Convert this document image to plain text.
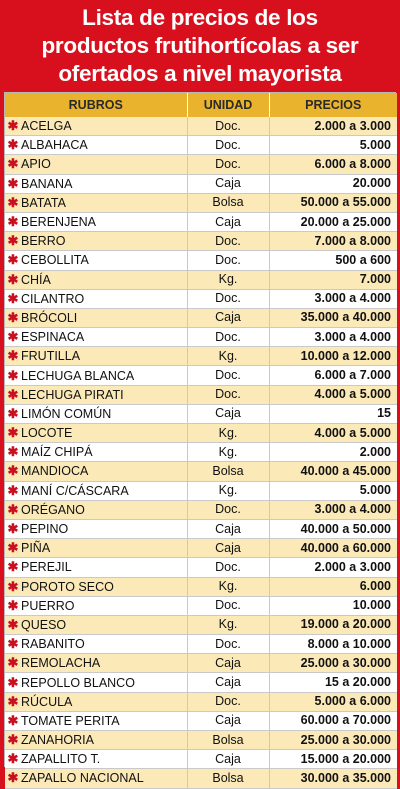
Lista de precios de los
productos frutihortícolas a ser
ofertados a nivel mayorista
RUBROS	UNIDAD	PRECIOS
✱ ACELGA	Doc.	2.000 a 3.000
✱ ALBAHACA	Doc.	5.000
✱ APIO	Doc.	6.000 a 8.000
✱ BANANA	Caja	20.000
✱ BATATA	Bolsa	50.000 a 55.000
✱ BERENJENA	Caja	20.000 a 25.000
✱ BERRO	Doc.	7.000 a 8.000
✱ CEBOLLITA	Doc.	500 a 600
✱ CHÍA	Kg.	7.000
✱ CILANTRO	Doc.	3.000 a 4.000
✱ BRÓCOLI	Caja	35.000 a 40.000
✱ ESPINACA	Doc.	3.000 a 4.000
✱ FRUTILLA	Kg.	10.000 a 12.000
✱ LECHUGA BLANCA	Doc.	6.000 a 7.000
✱ LECHUGA PIRATI	Doc.	4.000 a 5.000
✱ LIMÓN COMÚN	Caja	15
✱ LOCOTE	Kg.	4.000 a 5.000
✱ MAÍZ CHIPÁ	Kg.	2.000
✱ MANDIOCA	Bolsa	40.000 a 45.000
✱ MANÍ C/CÁSCARA	Kg.	5.000
✱ ORÉGANO	Doc.	3.000 a 4.000
✱ PEPINO	Caja	40.000 a 50.000
✱ PIÑA	Caja	40.000 a 60.000
✱ PEREJIL	Doc.	2.000 a 3.000
✱ POROTO SECO	Kg.	6.000
✱ PUERRO	Doc.	10.000
✱ QUESO	Kg.	19.000 a 20.000
✱ RABANITO	Doc.	8.000 a 10.000
✱ REMOLACHA	Caja	25.000 a 30.000
✱ REPOLLO BLANCO	Caja	15 a 20.000
✱ RÚCULA	Doc.	5.000 a 6.000
✱ TOMATE PERITA	Caja	60.000 a 70.000
✱ ZANAHORIA	Bolsa	25.000 a 30.000
✱ ZAPALLITO T.	Caja	15.000 a 20.000
✱ ZAPALLO NACIONAL	Bolsa	30.000 a 35.000
